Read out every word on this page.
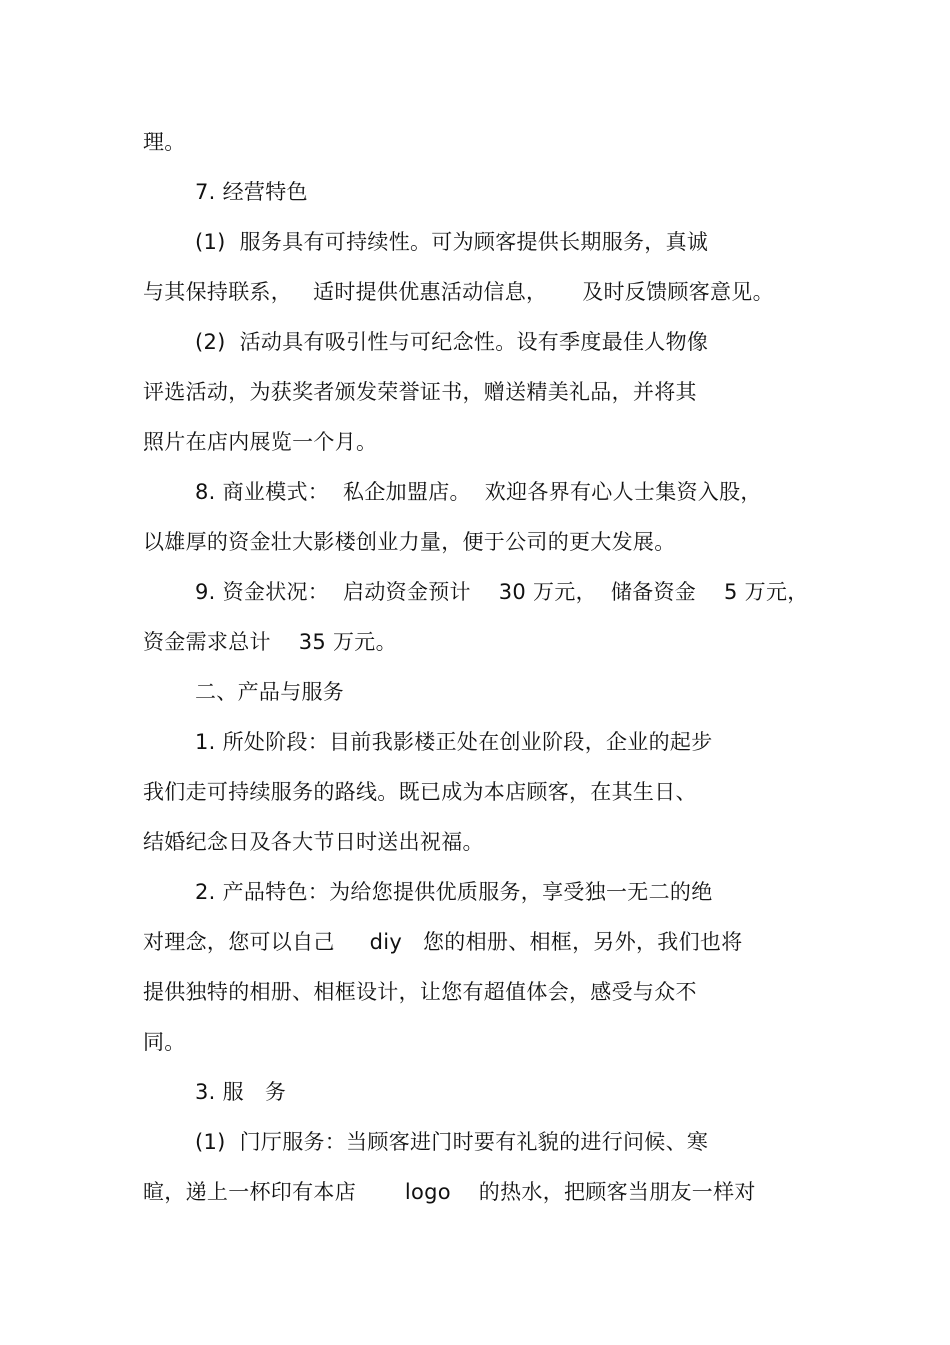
理。
7. 经营特色
(1)  服务具有可持续性。可为顾客提供长期服务，真诚
与其保持联系，   适时提供优惠活动信息，     及时反馈顾客意见。
(2)  活动具有吸引性与可纪念性。设有季度最佳人物像
评选活动，为获奖者颁发荣誉证书，赠送精美礼品，并将其
照片在店内展览一个月。
8. 商业模式：  私企加盟店。  欢迎各界有心人士集资入股，
以雄厚的资金壮大影楼创业力量，便于公司的更大发展。
9. 资金状况：  启动资金预计    30 万元，  储备资金    5 万元，
资金需求总计    35 万元。
二、产品与服务
1. 所处阶段：目前我影楼正处在创业阶段，企业的起步
我们走可持续服务的路线。既已成为本店顾客，在其生日、
结婚纪念日及各大节日时送出祝福。
2. 产品特色：为给您提供优质服务，享受独一无二的绝
对理念，您可以自己     diy   您的相册、相框，另外，我们也将
提供独特的相册、相框设计，让您有超值体会，感受与众不
同。
3. 服   务
(1)  门厅服务：当顾客进门时要有礼貌的进行问候、寒
暄，递上一杯印有本店       logo    的热水，把顾客当朋友一样对
